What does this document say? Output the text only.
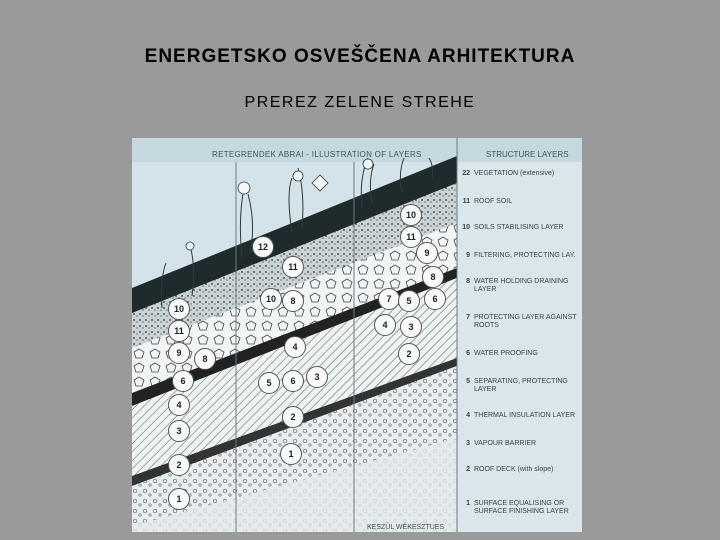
ENERGETSKO OSVEŠČENA ARHITEKTURA
PREREZ ZELENE STREHE
RETEGRENDEK ABRAI - ILLUSTRATION OF LAYERS	STRUCTURE LAYERS
10
11
12
9
8
7	6
5
4	3
2
1
11
10	8
4
6
5
3
2
10
11
9
8
6
4
3
2
1
22 VEGETATION (extensive)
11 ROOF SOIL
10 SOILS STABILISING LAYER
9 FILTERING, PROTECTING LAY.
8 WATER HOLDING DRAINING LAYER
7 PROTECTING LAYER AGAINST ROOTS
6 WATER PROOFING
5 SEPARATING, PROTECTING LAYER
4 THERMAL INSULATION LAYER
3 VAPOUR BARRIER
2 ROOF DECK (with slope)
1 SURFACE EQUALISING OR SURFACE FINISHING LAYER
KESZÜL WÉKESZTUES
